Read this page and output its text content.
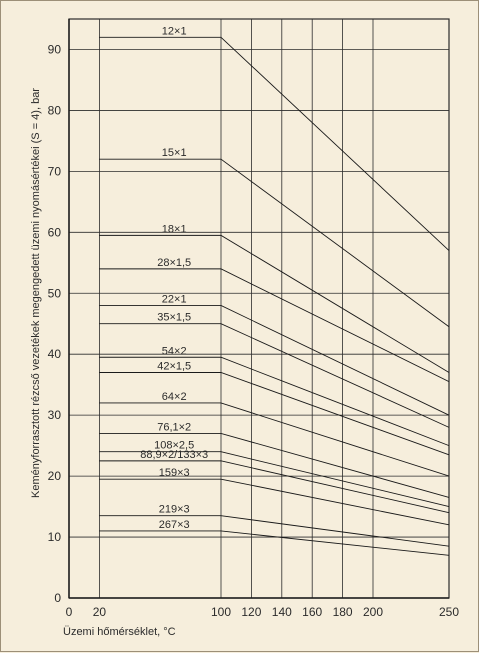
0
10
20
30
40
50
60
70
80
90
0 20	100 120 140 160 180 200	250
12×1
15×1
18×1
28×1,5
22×1
35×1,5
54×2
42×1,5
64×2
76,1×2
108×2,5
88,9×2/133×3
159×3
219×3
267×3
Üzemi hőmérséklet, °C
Keményforrasztott rézcső vezetékek megengedett üzemi nyomásértékei (S = 4), bar
